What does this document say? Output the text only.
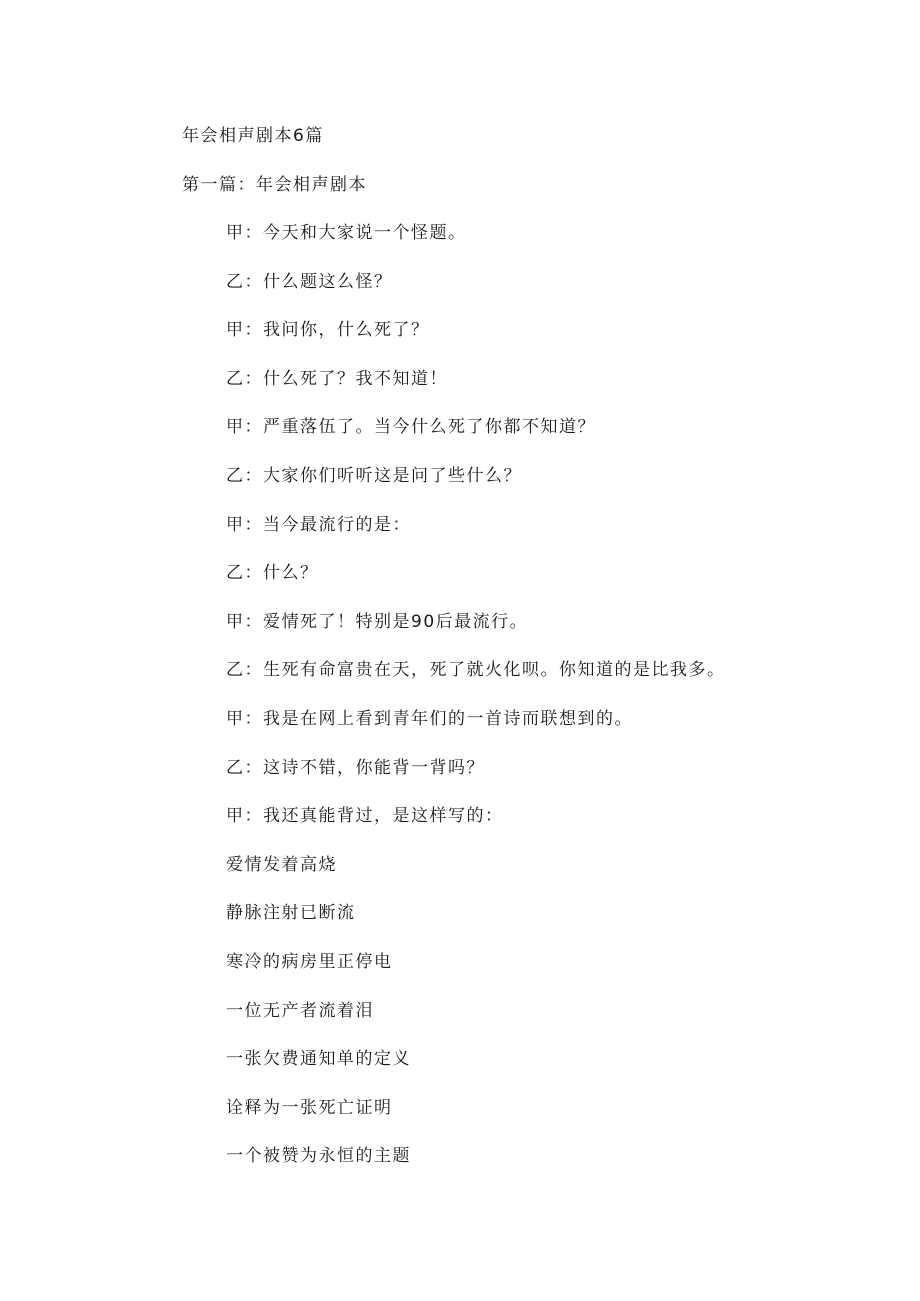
年会相声剧本6篇
第一篇：年会相声剧本
甲：今天和大家说一个怪题。
乙：什么题这么怪？
甲：我问你，什么死了？
乙：什么死了？我不知道！
甲：严重落伍了。当今什么死了你都不知道？
乙：大家你们听听这是问了些什么？
甲：当今最流行的是：
乙：什么？
甲：爱情死了！特别是90后最流行。
乙：生死有命富贵在天，死了就火化呗。你知道的是比我多。
甲：我是在网上看到青年们的一首诗而联想到的。
乙：这诗不错，你能背一背吗？
甲：我还真能背过，是这样写的：
爱情发着高烧
静脉注射已断流
寒冷的病房里正停电
一位无产者流着泪
一张欠费通知单的定义
诠释为一张死亡证明
一个被赞为永恒的主题
